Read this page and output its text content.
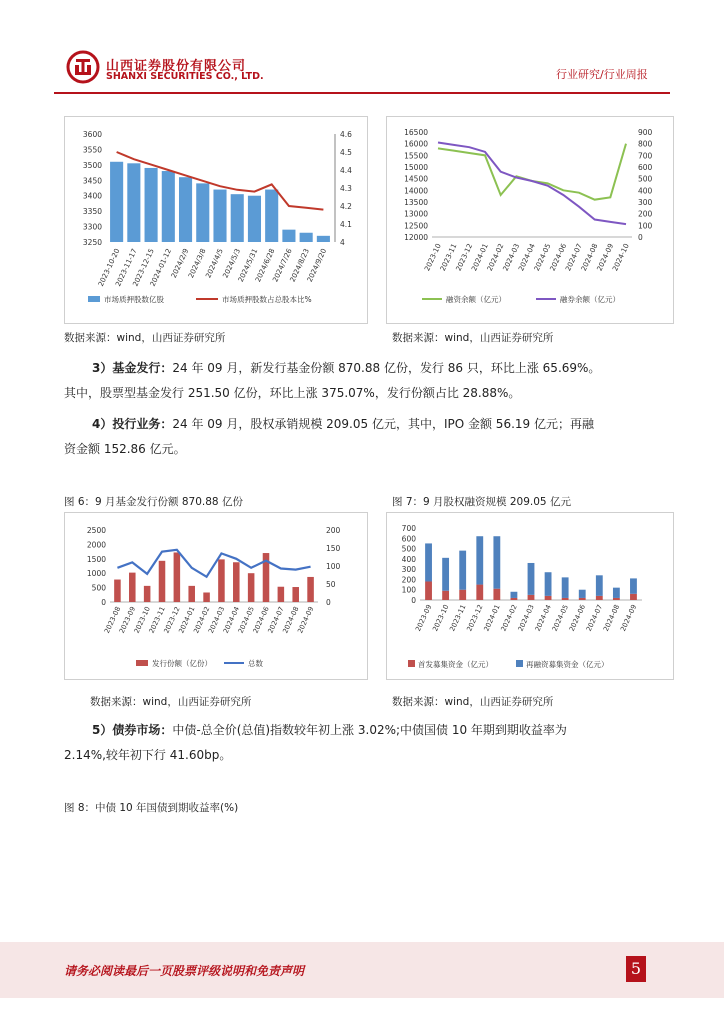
山西证券股份有限公司
SHANXI SECURITIES CO., LTD.	行业研究/行业周报
3600
3550
3500
3450
3400
3350
3300
3250
4.6
4.5
4.4
4.3
4.2
4.1
4
2023-10-20
2023-11-17
2023-12-15
2024-01-12
2024/2/9
2024/3/8
2024/4/5
2024/5/3
2024/5/31
2024/6/28
2024/7/26
2024/8/23
2024/9/20
市场质押股数亿股	市场质押股数占总股本比%
数据来源：wind，山西证券研究所
16500
16000
15500
15000
14500
14000
13500
13000
12500
12000
900
800
700
600
500
400
300
200
100
0
2023-10
2023-11
2023-12
2024-01
2024-02
2024-03
2024-04
2024-05
2024-06
2024-07
2024-08
2024-09
2024-10
融资余额（亿元）	融券余额（亿元）
数据来源：wind，山西证券研究所
3）基金发行：24 年 09 月，新发行基金份额 870.88 亿份，发行 86 只，环比上涨 65.69%。
其中，股票型基金发行 251.50 亿份，环比上涨 375.07%，发行份额占比 28.88%。
4）投行业务：24 年 09 月，股权承销规模 209.05 亿元，其中，IPO 金额 56.19 亿元；再融
资金额 152.86 亿元。
图 6：9 月基金发行份额 870.88 亿份	图 7：9 月股权融资规模 209.05 亿元
2500
2000
1500
1000
500
0
200
150
100
50
0
2023-08
2023-09
2023-10
2023-11
2023-12
2024-01
2024-02
2024-03
2024-04
2024-05
2024-06
2024-07
2024-08
2024-09
发行份额（亿份）	总数
数据来源：wind，山西证券研究所
700
600
500
400
300
200
100
0
2023-09
2023-10
2023-11
2023-12
2024-01
2024-02
2024-03
2024-04
2024-05
2024-06
2024-07
2024-08
2024-09
首发募集资金（亿元）	再融资募集资金（亿元）
数据来源：wind，山西证券研究所
5）债券市场：中债-总全价(总值)指数较年初上涨 3.02%;中债国债 10 年期到期收益率为
2.14%,较年初下行 41.60bp。
图 8：中债 10 年国债到期收益率(%)
请务必阅读最后一页股票评级说明和免责声明	5
